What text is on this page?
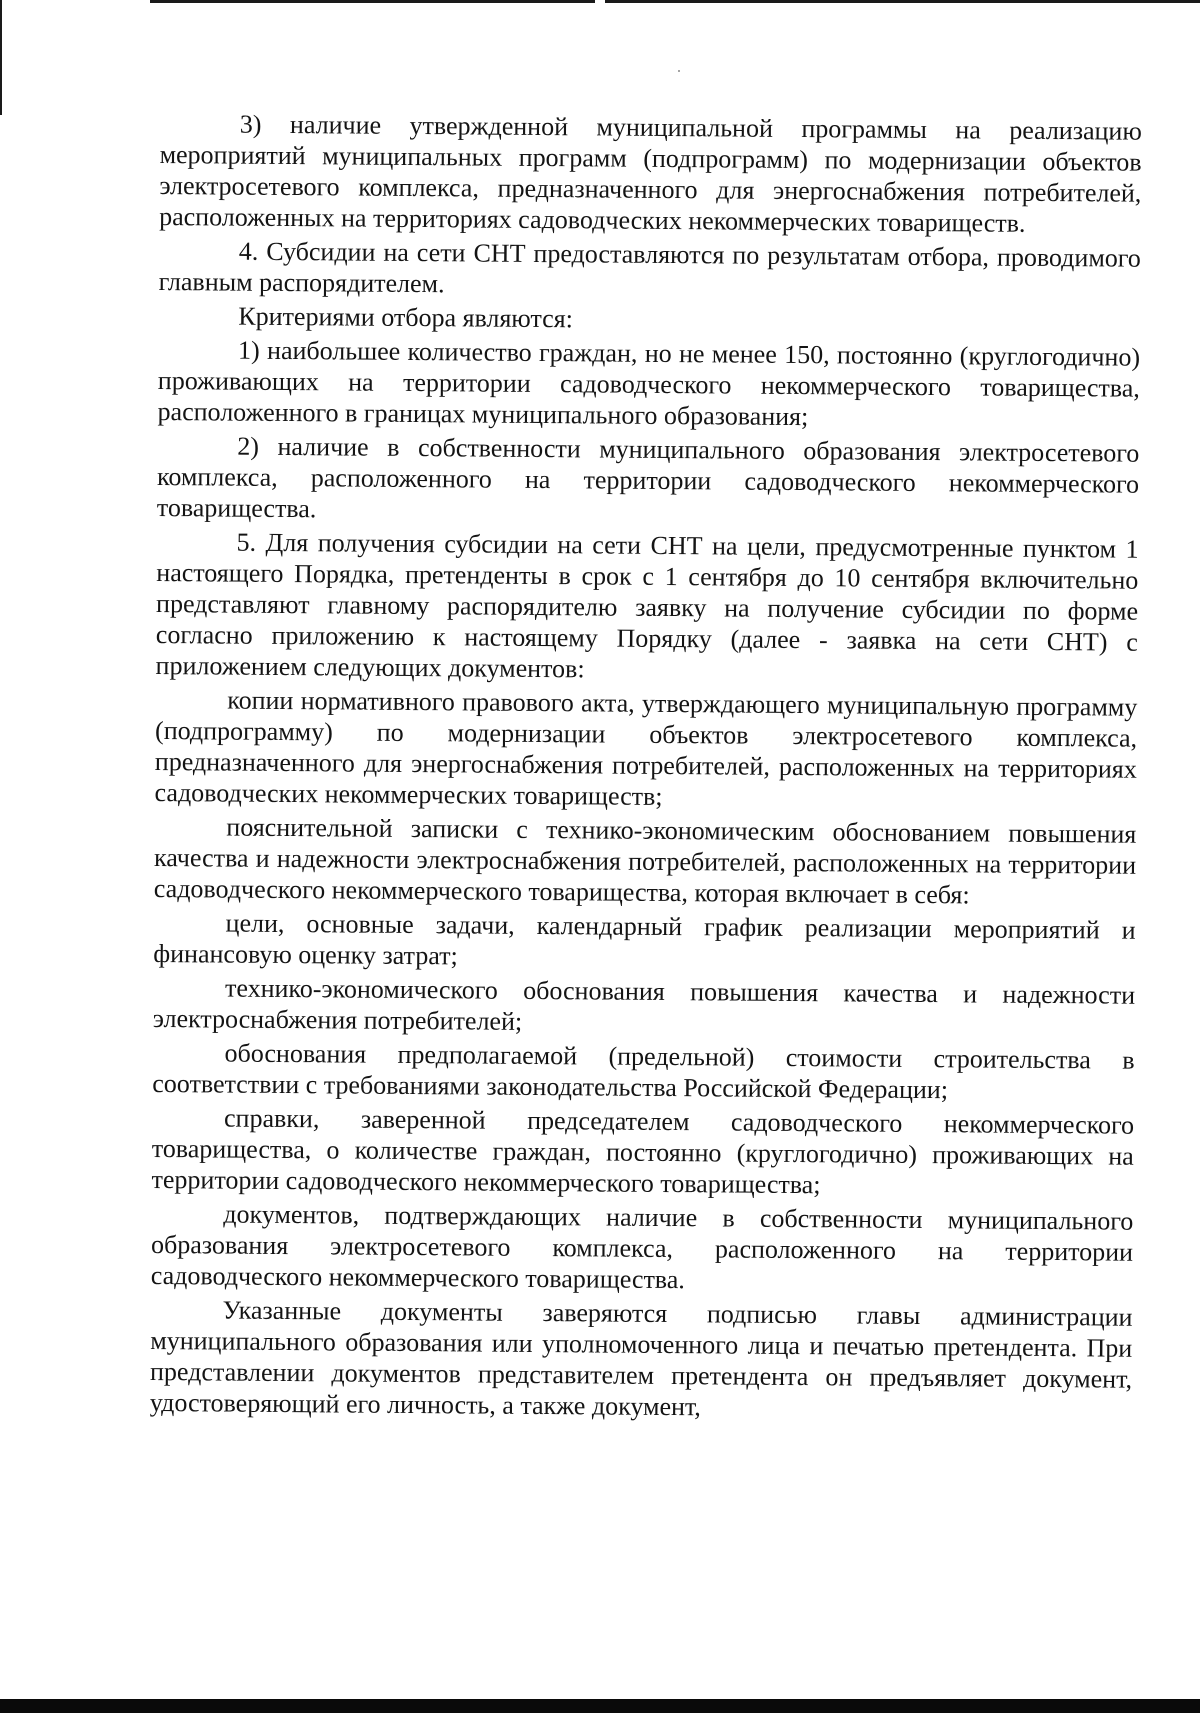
3) наличие утвержденной муниципальной программы на реализацию мероприятий муниципальных программ (подпрограмм) по модернизации объектов электросетевого комплекса, предназначенного для энергоснабжения потребителей, расположенных на территориях садоводческих некоммерческих товариществ.

4. Субсидии на сети СНТ предоставляются по результатам отбора, проводимого главным распорядителем.

Критериями отбора являются:

1) наибольшее количество граждан, но не менее 150, постоянно (круглогодично) проживающих на территории садоводческого некоммерческого товарищества, расположенного в границах муниципального образования;

2) наличие в собственности муниципального образования электросетевого комплекса, расположенного на территории садоводческого некоммерческого товарищества.

5. Для получения субсидии на сети СНТ на цели, предусмотренные пунктом 1 настоящего Порядка, претенденты в срок с 1 сентября до 10 сентября включительно представляют главному распорядителю заявку на получение субсидии по форме согласно приложению к настоящему Порядку (далее - заявка на сети СНТ) с приложением следующих документов:

копии нормативного правового акта, утверждающего муниципальную программу (подпрограмму) по модернизации объектов электросетевого комплекса, предназначенного для энергоснабжения потребителей, расположенных на территориях садоводческих некоммерческих товариществ;

пояснительной записки с технико-экономическим обоснованием повышения качества и надежности электроснабжения потребителей, расположенных на территории садоводческого некоммерческого товарищества, которая включает в себя:

цели, основные задачи, календарный график реализации мероприятий и финансовую оценку затрат;

технико-экономического обоснования повышения качества и надежности электроснабжения потребителей;

обоснования предполагаемой (предельной) стоимости строительства в соответствии с требованиями законодательства Российской Федерации;

справки, заверенной председателем садоводческого некоммерческого товарищества, о количестве граждан, постоянно (круглогодично) проживающих на территории садоводческого некоммерческого товарищества;

документов, подтверждающих наличие в собственности муниципального образования электросетевого комплекса, расположенного на территории садоводческого некоммерческого товарищества.

Указанные документы заверяются подписью главы администрации муниципального образования или уполномоченного лица и печатью претендента. При представлении документов представителем претендента он предъявляет документ, удостоверяющий его личность, а также документ,
